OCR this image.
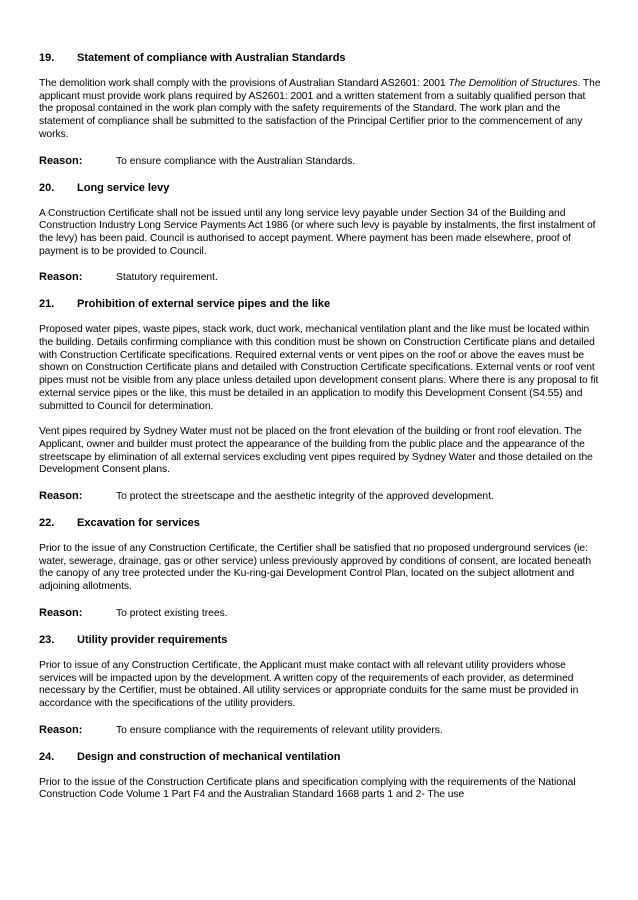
19. Statement of compliance with Australian Standards

The demolition work shall comply with the provisions of Australian Standard AS2601: 2001 The Demolition of Structures. The applicant must provide work plans required by AS2601: 2001 and a written statement from a suitably qualified person that the proposal contained in the work plan comply with the safety requirements of the Standard. The work plan and the statement of compliance shall be submitted to the satisfaction of the Principal Certifier prior to the commencement of any works.

Reason:	To ensure compliance with the Australian Standards.
20. Long service levy

A Construction Certificate shall not be issued until any long service levy payable under Section 34 of the Building and Construction Industry Long Service Payments Act 1986 (or where such levy is payable by instalments, the first instalment of the levy) has been paid. Council is authorised to accept payment. Where payment has been made elsewhere, proof of payment is to be provided to Council.

Reason:	Statutory requirement.
21. Prohibition of external service pipes and the like

Proposed water pipes, waste pipes, stack work, duct work, mechanical ventilation plant and the like must be located within the building. Details confirming compliance with this condition must be shown on Construction Certificate plans and detailed with Construction Certificate specifications. Required external vents or vent pipes on the roof or above the eaves must be shown on Construction Certificate plans and detailed with Construction Certificate specifications. External vents or roof vent pipes must not be visible from any place unless detailed upon development consent plans. Where there is any proposal to fit external service pipes or the like, this must be detailed in an application to modify this Development Consent (S4.55) and submitted to Council for determination.

Vent pipes required by Sydney Water must not be placed on the front elevation of the building or front roof elevation. The Applicant, owner and builder must protect the appearance of the building from the public place and the appearance of the streetscape by elimination of all external services excluding vent pipes required by Sydney Water and those detailed on the Development Consent plans.

Reason:	To protect the streetscape and the aesthetic integrity of the approved development.
22. Excavation for services

Prior to the issue of any Construction Certificate, the Certifier shall be satisfied that no proposed underground services (ie: water, sewerage, drainage, gas or other service) unless previously approved by conditions of consent, are located beneath the canopy of any tree protected under the Ku-ring-gai Development Control Plan, located on the subject allotment and adjoining allotments.

Reason:	To protect existing trees.
23. Utility provider requirements

Prior to issue of any Construction Certificate, the Applicant must make contact with all relevant utility providers whose services will be impacted upon by the development. A written copy of the requirements of each provider, as determined necessary by the Certifier, must be obtained. All utility services or appropriate conduits for the same must be provided in accordance with the specifications of the utility providers.

Reason:	To ensure compliance with the requirements of relevant utility providers.
24. Design and construction of mechanical ventilation

Prior to the issue of the Construction Certificate plans and specification complying with the requirements of the National Construction Code Volume 1 Part F4 and the Australian Standard 1668 parts 1 and 2- The use
